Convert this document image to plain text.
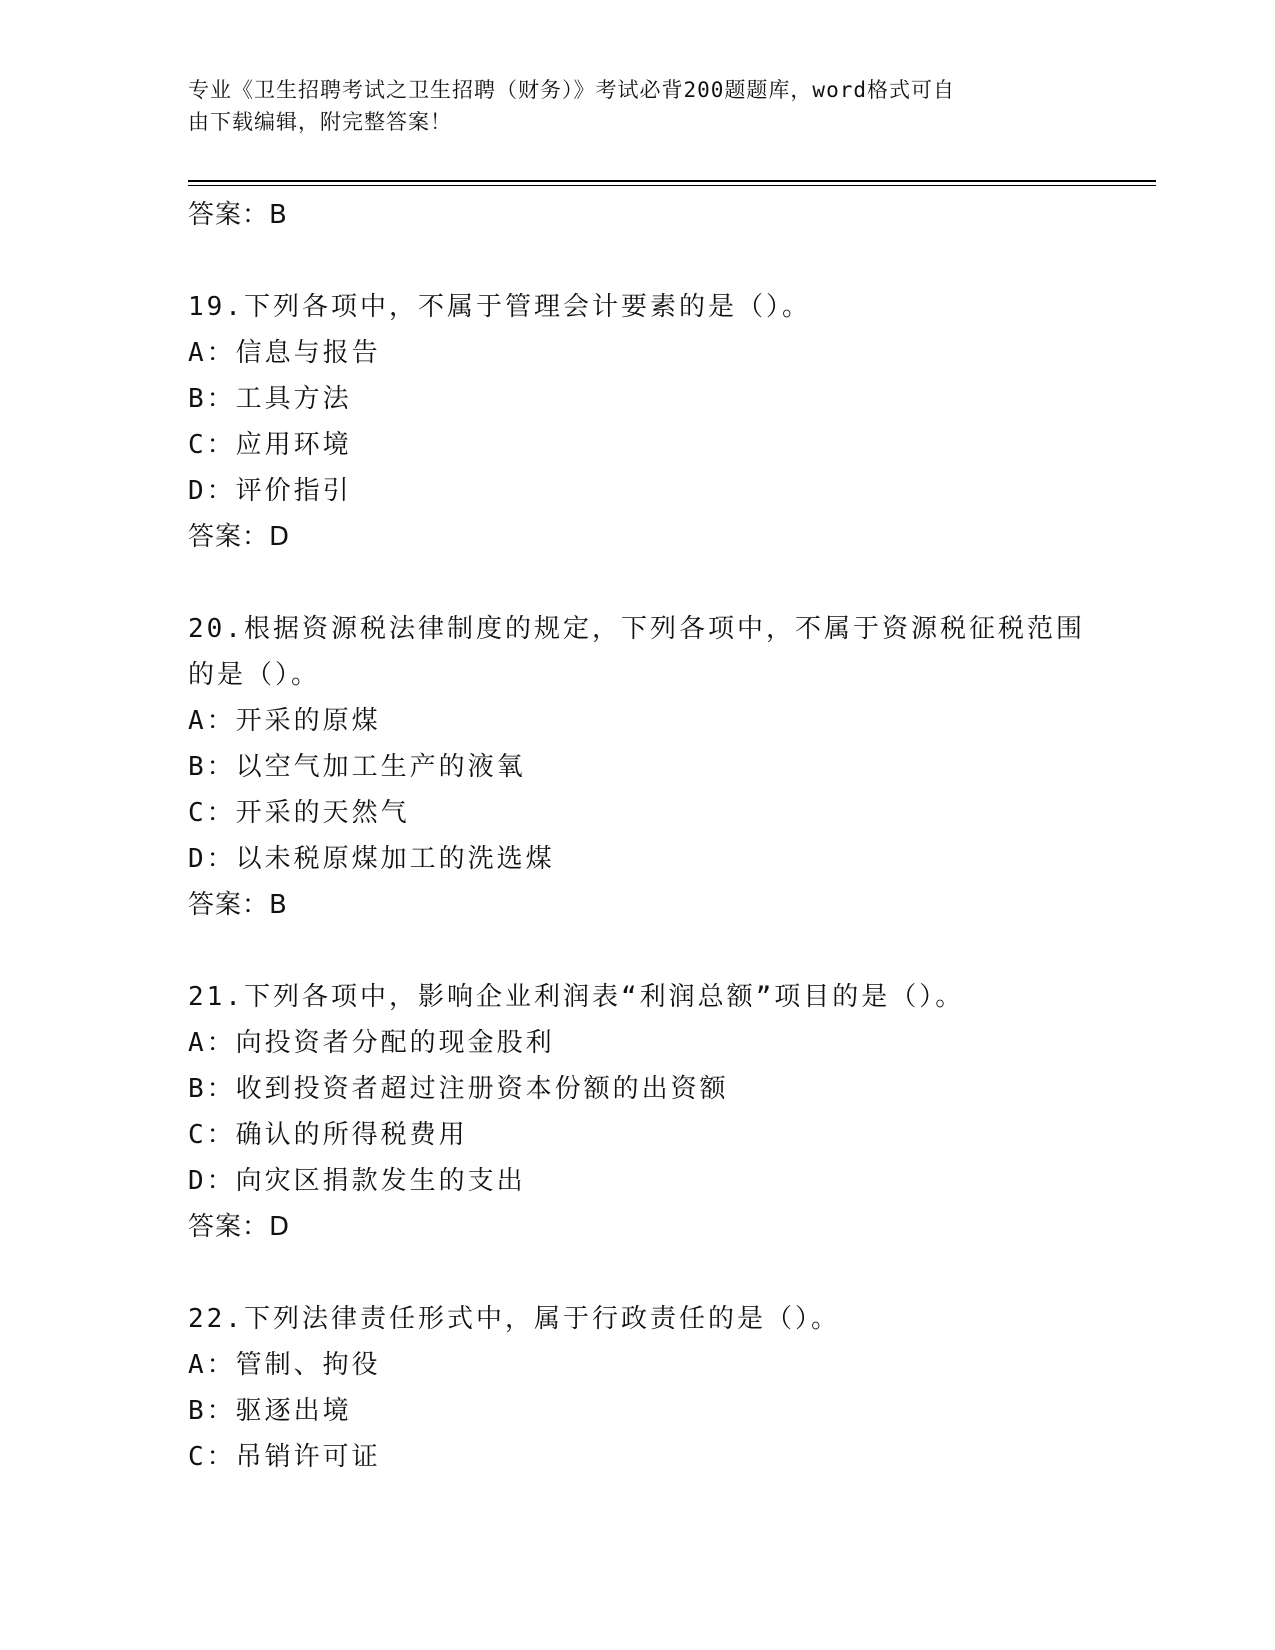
专业《卫生招聘考试之卫生招聘（财务）》考试必背200题题库，word格式可自
由下载编辑，附完整答案！
答案：B
19.下列各项中，不属于管理会计要素的是（）。
A：信息与报告
B：工具方法
C：应用环境
D：评价指引
答案：D
20.根据资源税法律制度的规定，下列各项中，不属于资源税征税范围
的是（）。
A：开采的原煤
B：以空气加工生产的液氧
C：开采的天然气
D：以未税原煤加工的洗选煤
答案：B
21.下列各项中，影响企业利润表“利润总额”项目的是（）。
A：向投资者分配的现金股利
B：收到投资者超过注册资本份额的出资额
C：确认的所得税费用
D：向灾区捐款发生的支出
答案：D
22.下列法律责任形式中，属于行政责任的是（）。
A：管制、拘役
B：驱逐出境
C：吊销许可证
